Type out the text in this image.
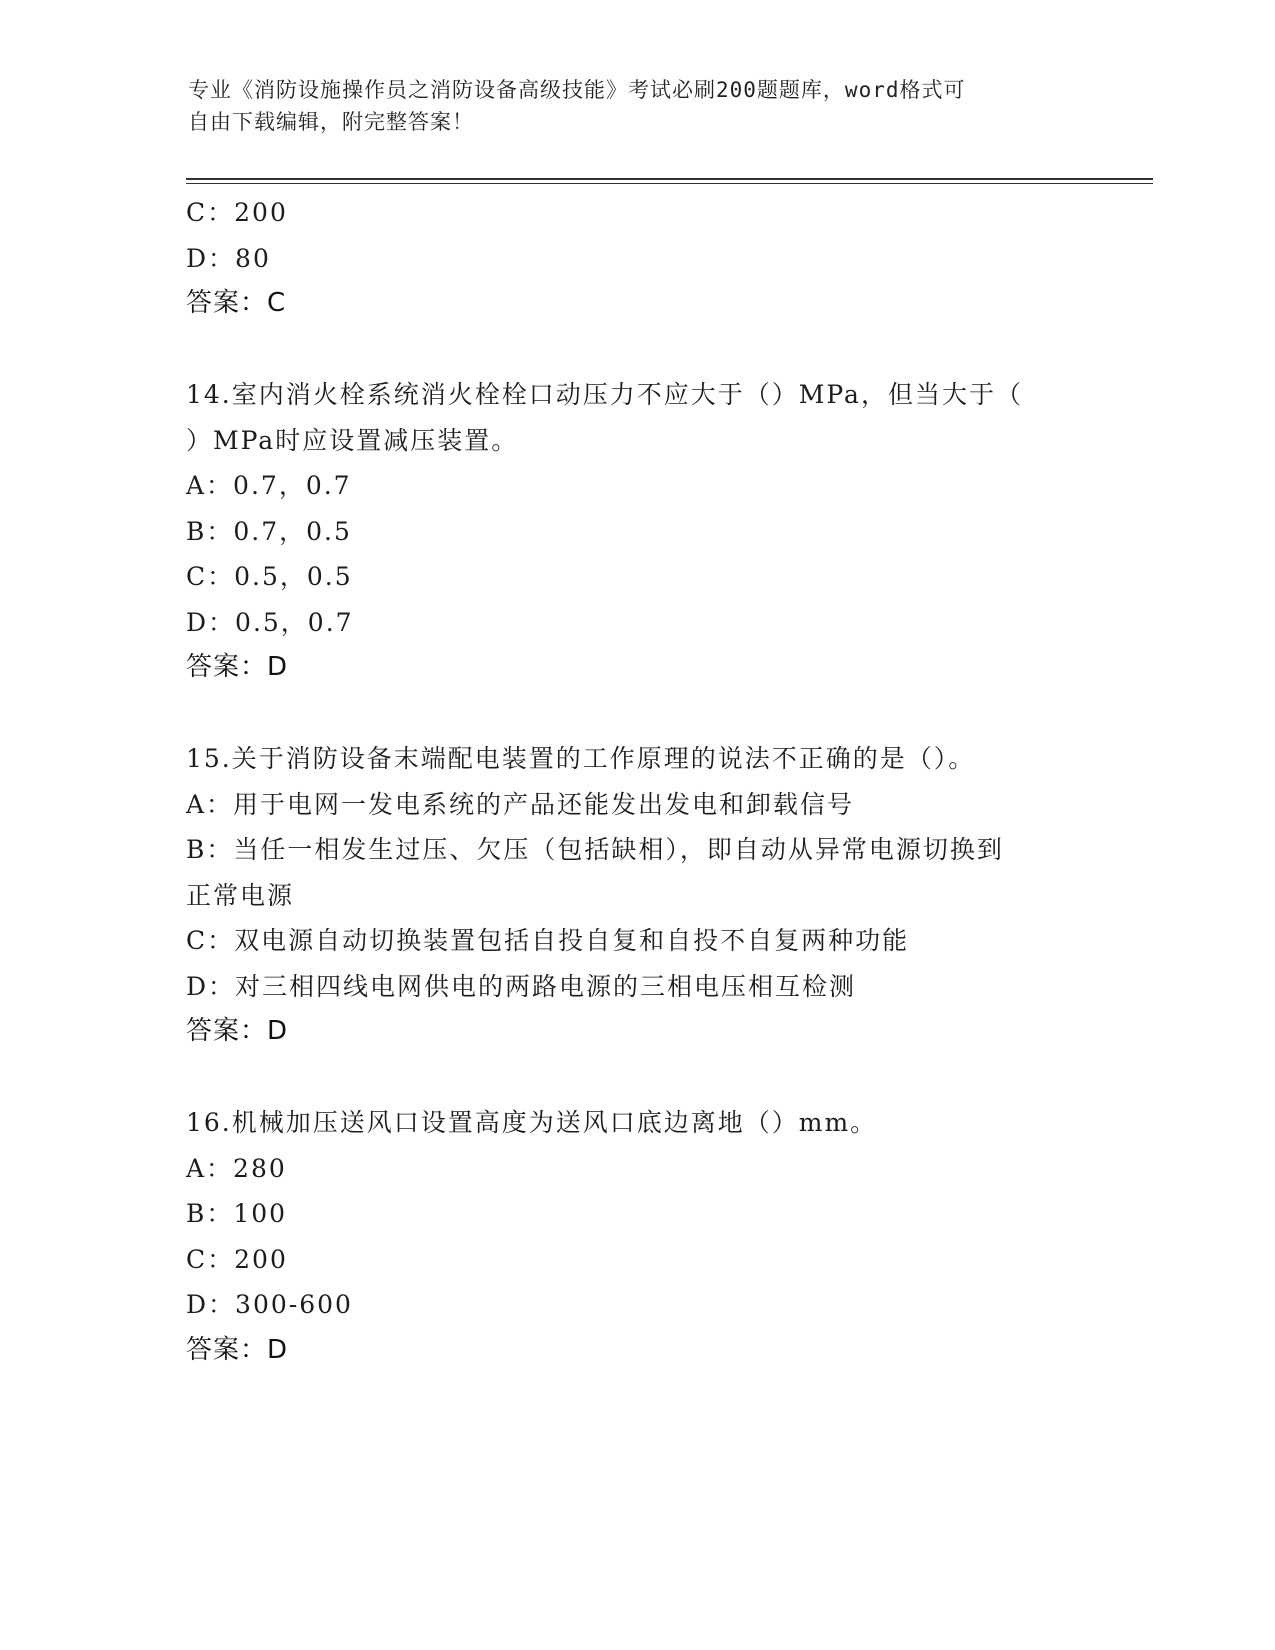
专业《消防设施操作员之消防设备高级技能》考试必刷200题题库，word格式可
自由下载编辑，附完整答案！
C：200
D：80
答案：C
14.室内消火栓系统消火栓栓口动压力不应大于（）MPa，但当大于（
）MPa时应设置减压装置。
A：0.7，0.7
B：0.7，0.5
C：0.5，0.5
D：0.5，0.7
答案：D
15.关于消防设备末端配电装置的工作原理的说法不正确的是（）。
A：用于电网一发电系统的产品还能发出发电和卸载信号
B：当任一相发生过压、欠压（包括缺相），即自动从异常电源切换到
正常电源
C：双电源自动切换装置包括自投自复和自投不自复两种功能
D：对三相四线电网供电的两路电源的三相电压相互检测
答案：D
16.机械加压送风口设置高度为送风口底边离地（）mm。
A：280
B：100
C：200
D：300-600
答案：D
